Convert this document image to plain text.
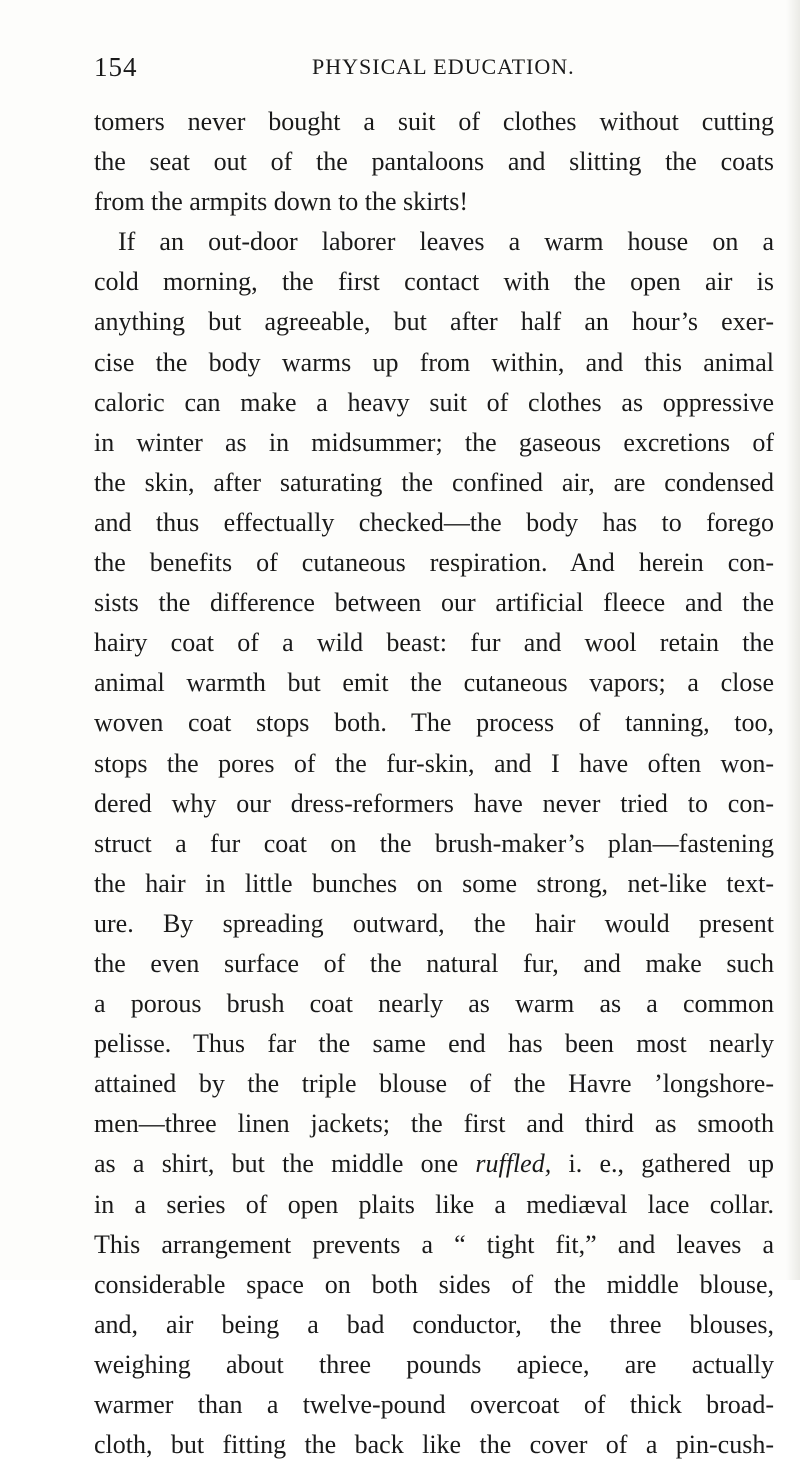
154	PHYSICAL EDUCATION.
tomers never bought a suit of clothes without cutting
the seat out of the pantaloons and slitting the coats
from the armpits down to the skirts!
If an out-door laborer leaves a warm house on a
cold morning, the first contact with the open air is
anything but agreeable, but after half an hour’s exer-
cise the body warms up from within, and this animal
caloric can make a heavy suit of clothes as oppressive
in winter as in midsummer; the gaseous excretions of
the skin, after saturating the confined air, are condensed
and thus effectually checked—the body has to forego
the benefits of cutaneous respiration. And herein con-
sists the difference between our artificial fleece and the
hairy coat of a wild beast: fur and wool retain the
animal warmth but emit the cutaneous vapors; a close
woven coat stops both. The process of tanning, too,
stops the pores of the fur-skin, and I have often won-
dered why our dress-reformers have never tried to con-
struct a fur coat on the brush-maker’s plan—fastening
the hair in little bunches on some strong, net-like text-
ure. By spreading outward, the hair would present
the even surface of the natural fur, and make such
a porous brush coat nearly as warm as a common
pelisse. Thus far the same end has been most nearly
attained by the triple blouse of the Havre ’longshore-
men—three linen jackets; the first and third as smooth
as a shirt, but the middle one ruffled, i. e., gathered up
in a series of open plaits like a mediæval lace collar.
This arrangement prevents a “ tight fit,” and leaves a
considerable space on both sides of the middle blouse,
and, air being a bad conductor, the three blouses,
weighing about three pounds apiece, are actually
warmer than a twelve-pound overcoat of thick broad-
cloth, but fitting the back like the cover of a pin-cush-
